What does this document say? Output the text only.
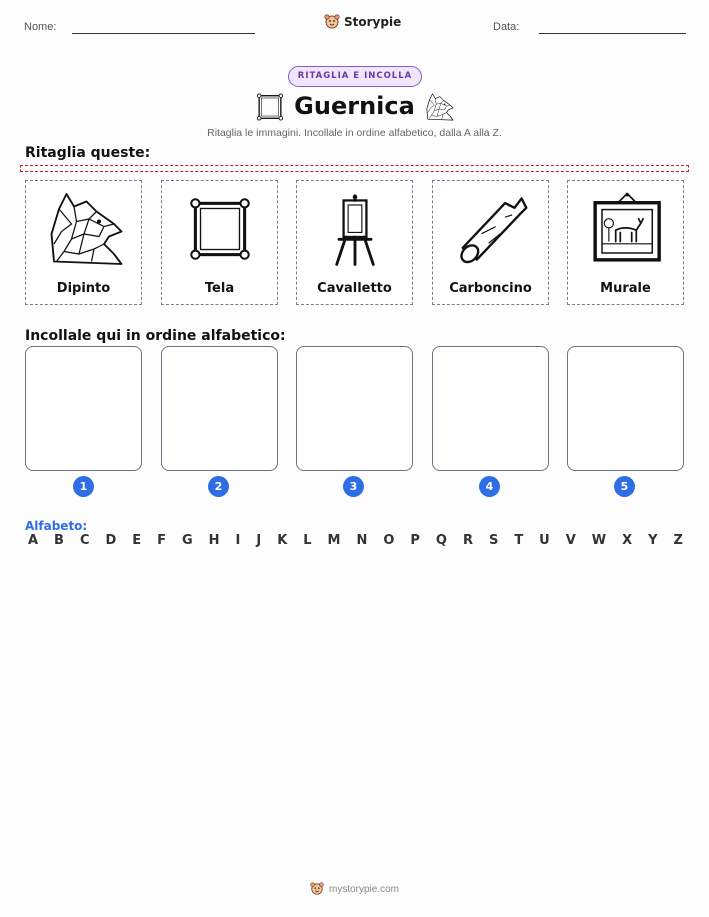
Nome:	Storypie	Data:
RITAGLIA E INCOLLA
Guernica
Ritaglia le immagini. Incollale in ordine alfabetico, dalla A alla Z.
Ritaglia queste:
Dipinto	Tela	Cavalletto	Carboncino	Murale
Incollale qui in ordine alfabetico:
1	2	3	4	5
Alfabeto:
A B C D E F G H I J K L M N O P Q R S T U V W X Y Z
mystorypie.com
